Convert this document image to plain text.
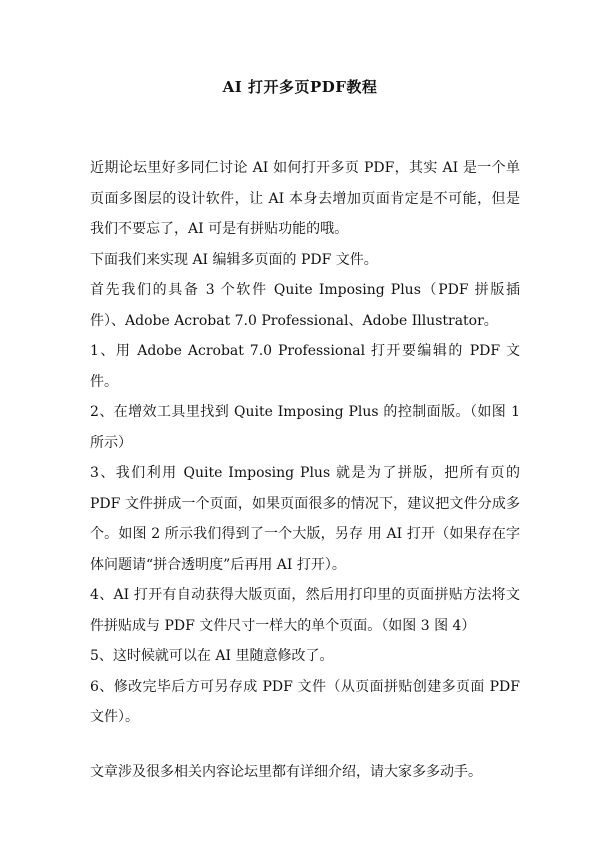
AI 打开多页PDF教程

近期论坛里好多同仁讨论 AI 如何打开多页 PDF，其实 AI 是一个单页面多图层的设计软件，让 AI 本身去增加页面肯定是不可能，但是我们不要忘了，AI 可是有拼贴功能的哦。

下面我们来实现 AI 编辑多页面的 PDF 文件。

首先我们的具备 3 个软件 Quite Imposing Plus（PDF 拼版插件）、Adobe Acrobat 7.0 Professional、Adobe Illustrator。

1、用 Adobe Acrobat 7.0 Professional 打开要编辑的 PDF 文件。

2、在增效工具里找到 Quite Imposing Plus 的控制面版。（如图 1 所示）

3、我们利用 Quite Imposing Plus 就是为了拼版，把所有页的 PDF 文件拼成一个页面，如果页面很多的情况下，建议把文件分成多个。如图 2 所示我们得到了一个大版，另存 用 AI 打开（如果存在字体问题请“拼合透明度”后再用 AI 打开）。

4、AI 打开有自动获得大版页面，然后用打印里的页面拼贴方法将文件拼贴成与 PDF 文件尺寸一样大的单个页面。（如图 3 图 4）

5、这时候就可以在 AI 里随意修改了。

6、修改完毕后方可另存成 PDF 文件（从页面拼贴创建多页面 PDF 文件）。

文章涉及很多相关内容论坛里都有详细介绍，请大家多多动手。
